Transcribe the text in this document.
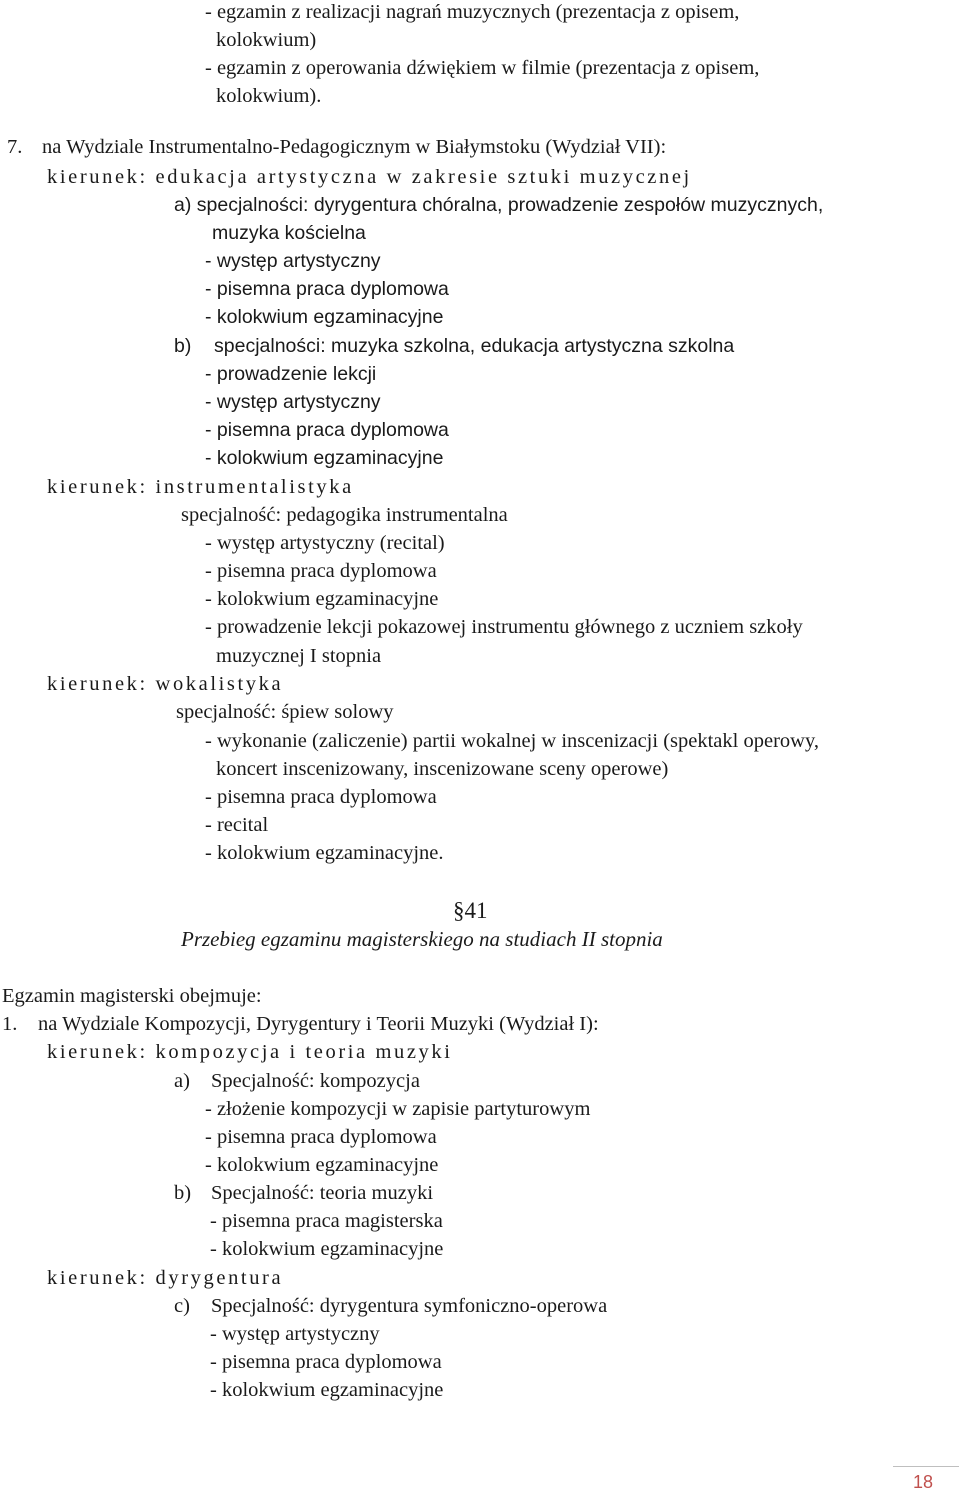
- egzamin z realizacji nagrań muzycznych (prezentacja z opisem,
kolokwium)
- egzamin z operowania dźwiękiem w filmie (prezentacja z opisem,
kolokwium).
7. na Wydziale Instrumentalno-Pedagogicznym w Białymstoku (Wydział VII):
kierunek: edukacja artystyczna w zakresie sztuki muzycznej
a) specjalności: dyrygentura chóralna, prowadzenie zespołów muzycznych,
muzyka kościelna
- występ artystyczny
- pisemna praca dyplomowa
- kolokwium egzaminacyjne
b) specjalności: muzyka szkolna, edukacja artystyczna szkolna
- prowadzenie lekcji
- występ artystyczny
- pisemna praca dyplomowa
- kolokwium egzaminacyjne
kierunek: instrumentalistyka
specjalność: pedagogika instrumentalna
- występ artystyczny (recital)
- pisemna praca dyplomowa
- kolokwium egzaminacyjne
- prowadzenie lekcji pokazowej instrumentu głównego z uczniem szkoły
muzycznej I stopnia
kierunek: wokalistyka
specjalność: śpiew solowy
- wykonanie (zaliczenie) partii wokalnej w inscenizacji (spektakl operowy,
koncert inscenizowany, inscenizowane sceny operowe)
- pisemna praca dyplomowa
- recital
- kolokwium egzaminacyjne.
§41
Przebieg egzaminu magisterskiego na studiach II stopnia
Egzamin magisterski obejmuje:
1. na Wydziale Kompozycji, Dyrygentury i Teorii Muzyki (Wydział I):
kierunek: kompozycja i teoria muzyki
a) Specjalność: kompozycja
- złożenie kompozycji w zapisie partyturowym
- pisemna praca dyplomowa
- kolokwium egzaminacyjne
b) Specjalność: teoria muzyki
- pisemna praca magisterska
- kolokwium egzaminacyjne
kierunek: dyrygentura
c) Specjalność: dyrygentura symfoniczno-operowa
- występ artystyczny
- pisemna praca dyplomowa
- kolokwium egzaminacyjne
18
